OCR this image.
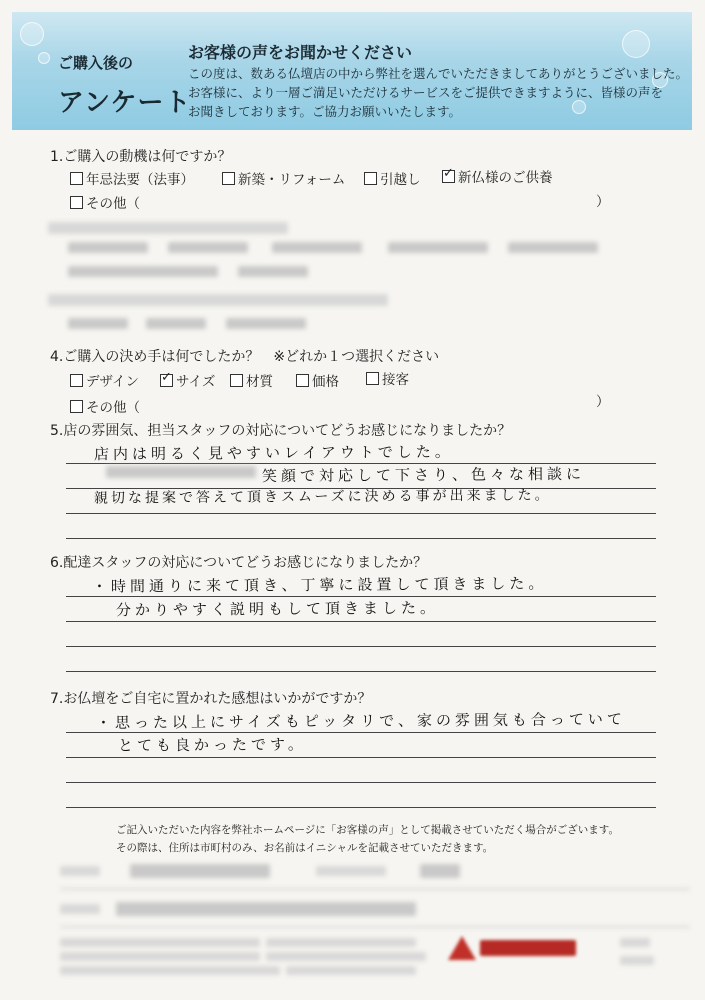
ご購入後の
アンケート
お客様の声をお聞かせください
この度は、数ある仏壇店の中から弊社を選んでいただきましてありがとうございました。
お客様に、より一層ご満足いただけるサービスをご提供できますように、皆様の声を
お聞きしております。ご協力お願いいたします。
1.ご購入の動機は何ですか？
年忌法要（法事）	新築・リフォーム	引越し ✓	新仏様のご供養
その他（	）
4.ご購入の決め手は何でしたか？　※どれか１つ選択ください
デザイン ✓	サイズ	材質	価格	接客
その他（	）
5.店の雰囲気、担当スタッフの対応についてどうお感じになりましたか？
店内は明るく見やすいレイアウトでした。
笑顔で対応して下さり、色々な相談に
親切な提案で答えて頂きスムーズに決める事が出来ました。
6.配達スタッフの対応についてどうお感じになりましたか？
・時間通りに来て頂き、丁寧に設置して頂きました。
分かりやすく説明もして頂きました。
7.お仏壇をご自宅に置かれた感想はいかがですか？
・思った以上にサイズもピッタリで、家の雰囲気も合っていて
とても良かったです。
ご記入いただいた内容を弊社ホームページに「お客様の声」として掲載させていただく場合がございます。
その際は、住所は市町村のみ、お名前はイニシャルを記載させていただきます。
